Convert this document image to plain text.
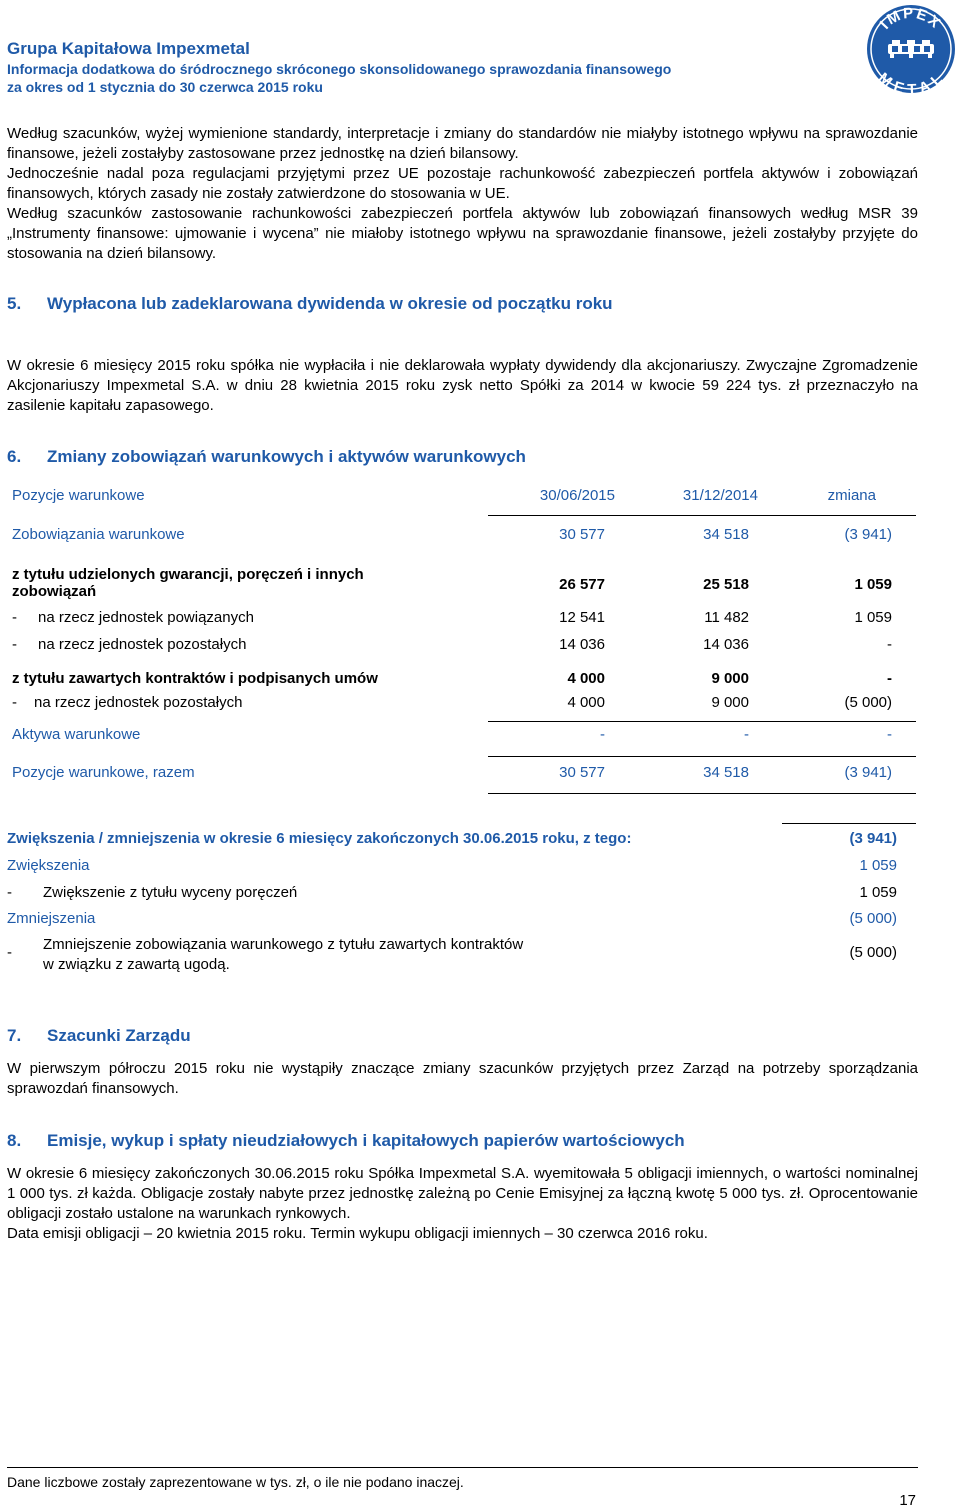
Grupa Kapitałowa Impexmetal
Informacja dodatkowa do śródrocznego skróconego skonsolidowanego sprawozdania finansowego
za okres od 1 stycznia do 30 czerwca 2015 roku
IMPEX
METAL
Według szacunków, wyżej wymienione standardy, interpretacje i zmiany do standardów nie miałyby istotnego wpływu na sprawozdanie finansowe, jeżeli zostałyby zastosowane przez jednostkę na dzień bilansowy.
Jednocześnie nadal poza regulacjami przyjętymi przez UE pozostaje rachunkowość zabezpieczeń portfela aktywów i zobowiązań finansowych, których zasady nie zostały zatwierdzone do stosowania w UE.
Według szacunków zastosowanie rachunkowości zabezpieczeń portfela aktywów lub zobowiązań finansowych według MSR 39 „Instrumenty finansowe: ujmowanie i wycena” nie miałoby istotnego wpływu na sprawozdanie finansowe, jeżeli zostałyby przyjęte do stosowania na dzień bilansowy.
5. Wypłacona lub zadeklarowana dywidenda w okresie od początku roku
W okresie 6 miesięcy 2015 roku spółka nie wypłaciła i nie deklarowała wypłaty dywidendy dla akcjonariuszy. Zwyczajne Zgromadzenie Akcjonariuszy Impexmetal S.A. w dniu 28 kwietnia 2015 roku zysk netto Spółki za 2014 w kwocie 59 224 tys. zł przeznaczyło na zasilenie kapitału zapasowego.
6. Zmiany zobowiązań warunkowych i aktywów warunkowych
Pozycje warunkowe	30/06/2015	31/12/2014	zmiana
Zobowiązania warunkowe	30 577	34 518	(3 941)
z tytułu udzielonych gwarancji, poręczeń i innych
zobowiązań	26 577	25 518	1 059
- na rzecz jednostek powiązanych	12 541	11 482	1 059
- na rzecz jednostek pozostałych	14 036	14 036	-
z tytułu zawartych kontraktów i podpisanych umów	4 000	9 000	-
- na rzecz jednostek pozostałych	4 000	9 000	(5 000)
Aktywa warunkowe	-	-	-
Pozycje warunkowe, razem	30 577	34 518	(3 941)
Zwiększenia / zmniejszenia w okresie 6 miesięcy zakończonych 30.06.2015 roku, z tego:	(3 941)
Zwiększenia	1 059
- Zwiększenie z tytułu wyceny poręczeń	1 059
Zmniejszenia	(5 000)
- Zmniejszenie zobowiązania warunkowego z tytułu zawartych kontraktów
w związku z zawartą ugodą.
(5 000)
7. Szacunki Zarządu
W pierwszym półroczu 2015 roku nie wystąpiły znaczące zmiany szacunków przyjętych przez Zarząd na potrzeby sporządzania sprawozdań finansowych.
8. Emisje, wykup i spłaty nieudziałowych i kapitałowych papierów wartościowych
W okresie 6 miesięcy zakończonych 30.06.2015 roku Spółka Impexmetal S.A. wyemitowała 5 obligacji imiennych, o wartości nominalnej 1 000 tys. zł każda. Obligacje zostały nabyte przez jednostkę zależną po Cenie Emisyjnej za łączną kwotę 5 000 tys. zł. Oprocentowanie obligacji zostało ustalone na warunkach rynkowych.
Data emisji obligacji – 20 kwietnia 2015 roku. Termin wykupu obligacji imiennych – 30 czerwca 2016 roku.
Dane liczbowe zostały zaprezentowane w tys. zł, o ile nie podano inaczej.
17
